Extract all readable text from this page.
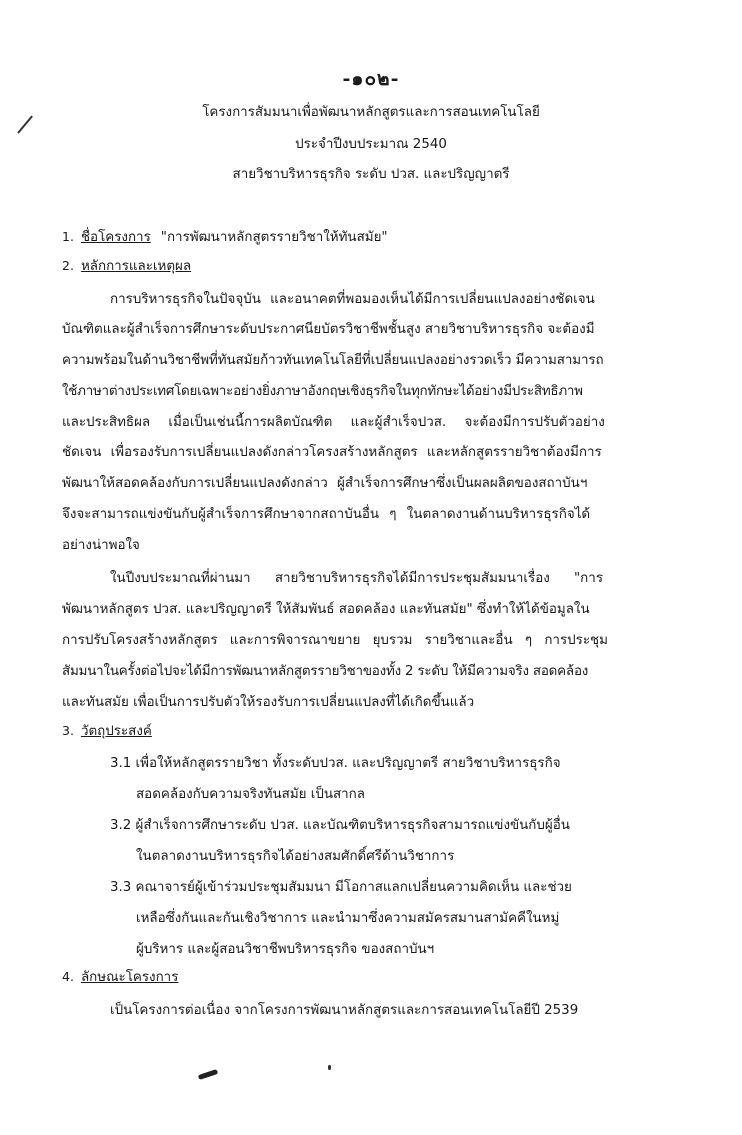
-๑๐๒-
โครงการสัมมนาเพื่อพัฒนาหลักสูตรและการสอนเทคโนโลยี
ประจำปีงบประมาณ 2540
สายวิชาบริหารธุรกิจ ระดับ ปวส. และปริญญาตรี
1. ชื่อโครงการ "การพัฒนาหลักสูตรรายวิชาให้ทันสมัย"
2. หลักการและเหตุผล
การบริหารธุรกิจในปัจจุบัน และอนาคตที่พอมองเห็นได้มีการเปลี่ยนแปลงอย่างชัดเจน
บัณฑิตและผู้สำเร็จการศึกษาระดับประกาศนียบัตรวิชาชีพชั้นสูง สายวิชาบริหารธุรกิจ จะต้องมี
ความพร้อมในด้านวิชาชีพที่ทันสมัยก้าวทันเทคโนโลยีที่เปลี่ยนแปลงอย่างรวดเร็ว มีความสามารถ
ใช้ภาษาต่างประเทศโดยเฉพาะอย่างยิ่งภาษาอังกฤษเชิงธุรกิจในทุกทักษะได้อย่างมีประสิทธิภาพ
และประสิทธิผล เมื่อเป็นเช่นนี้การผลิตบัณฑิต และผู้สำเร็จปวส. จะต้องมีการปรับตัวอย่าง
ชัดเจน เพื่อรองรับการเปลี่ยนแปลงดังกล่าวโครงสร้างหลักสูตร และหลักสูตรรายวิชาต้องมีการ
พัฒนาให้สอดคล้องกับการเปลี่ยนแปลงดังกล่าว ผู้สำเร็จการศึกษาซึ่งเป็นผลผลิตของสถาบันฯ
จึงจะสามารถแข่งขันกับผู้สำเร็จการศึกษาจากสถาบันอื่น ๆ ในตลาดงานด้านบริหารธุรกิจได้
อย่างน่าพอใจ
ในปีงบประมาณที่ผ่านมา สายวิชาบริหารธุรกิจได้มีการประชุมสัมมนาเรื่อง "การ
พัฒนาหลักสูตร ปวส. และปริญญาตรี ให้สัมพันธ์ สอดคล้อง และทันสมัย" ซึ่งทำให้ได้ข้อมูลใน
การปรับโครงสร้างหลักสูตร และการพิจารณาขยาย ยุบรวม รายวิชาและอื่น ๆ การประชุม
สัมมนาในครั้งต่อไปจะได้มีการพัฒนาหลักสูตรรายวิชาของทั้ง 2 ระดับ ให้มีความจริง สอดคล้อง
และทันสมัย เพื่อเป็นการปรับตัวให้รองรับการเปลี่ยนแปลงที่ได้เกิดขึ้นแล้ว
3. วัตถุประสงค์
3.1 เพื่อให้หลักสูตรรายวิชา ทั้งระดับปวส. และปริญญาตรี สายวิชาบริหารธุรกิจ
สอดคล้องกับความจริงทันสมัย เป็นสากล
3.2 ผู้สำเร็จการศึกษาระดับ ปวส. และบัณฑิตบริหารธุรกิจสามารถแข่งขันกับผู้อื่น
ในตลาดงานบริหารธุรกิจได้อย่างสมศักดิ์ศรีด้านวิชาการ
3.3 คณาจารย์ผู้เข้าร่วมประชุมสัมมนา มีโอกาสแลกเปลี่ยนความคิดเห็น และช่วย
เหลือซึ่งกันและกันเชิงวิชาการ และนำมาซึ่งความสมัครสมานสามัคคีในหมู่
ผู้บริหาร และผู้สอนวิชาชีพบริหารธุรกิจ ของสถาบันฯ
4. ลักษณะโครงการ
เป็นโครงการต่อเนื่อง จากโครงการพัฒนาหลักสูตรและการสอนเทคโนโลยีปี 2539
